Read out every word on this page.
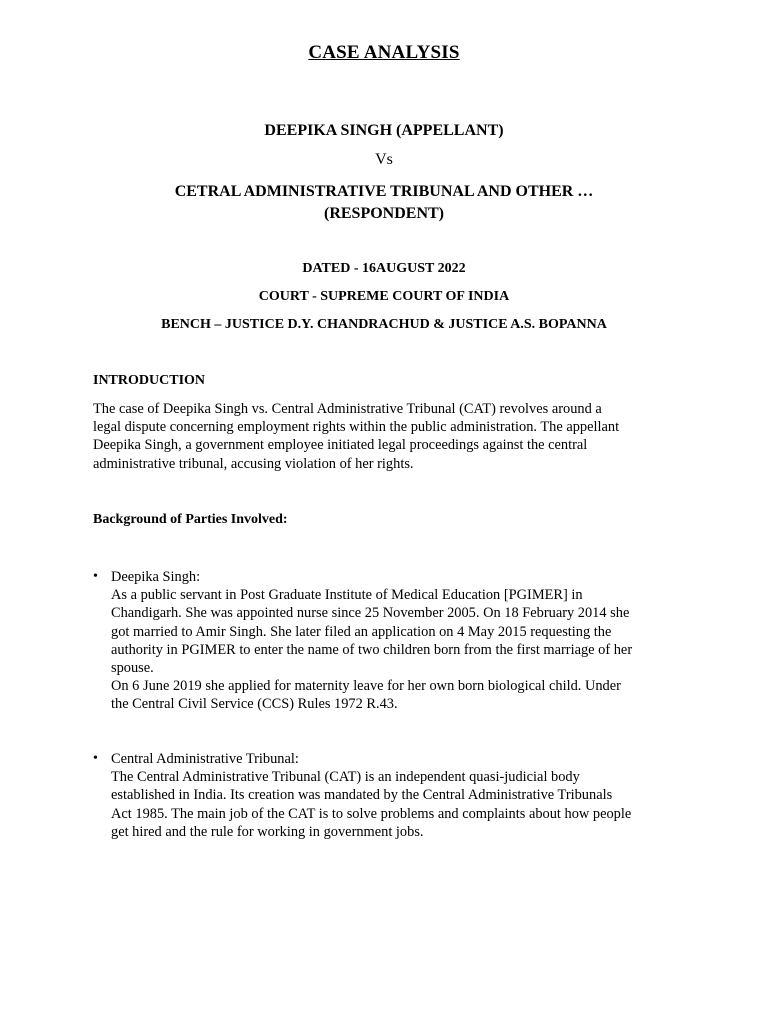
CASE ANALYSIS
DEEPIKA SINGH (APPELLANT)
Vs
CETRAL ADMINISTRATIVE TRIBUNAL AND OTHER …
(RESPONDENT)
DATED - 16AUGUST 2022
COURT - SUPREME COURT OF INDIA
BENCH – JUSTICE D.Y. CHANDRACHUD & JUSTICE A.S. BOPANNA
INTRODUCTION
The case of Deepika Singh vs. Central Administrative Tribunal (CAT) revolves around a
legal dispute concerning employment rights within the public administration. The appellant
Deepika Singh, a government employee initiated legal proceedings against the central
administrative tribunal, accusing violation of her rights.
Background of Parties Involved:
• Deepika Singh:
As a public servant in Post Graduate Institute of Medical Education [PGIMER] in
Chandigarh. She was appointed nurse since 25 November 2005. On 18 February 2014 she
got married to Amir Singh. She later filed an application on 4 May 2015 requesting the
authority in PGIMER to enter the name of two children born from the first marriage of her
spouse.
On 6 June 2019 she applied for maternity leave for her own born biological child. Under
the Central Civil Service (CCS) Rules 1972 R.43.
• Central Administrative Tribunal:
The Central Administrative Tribunal (CAT) is an independent quasi-judicial body
established in India. Its creation was mandated by the Central Administrative Tribunals
Act 1985. The main job of the CAT is to solve problems and complaints about how people
get hired and the rule for working in government jobs.
